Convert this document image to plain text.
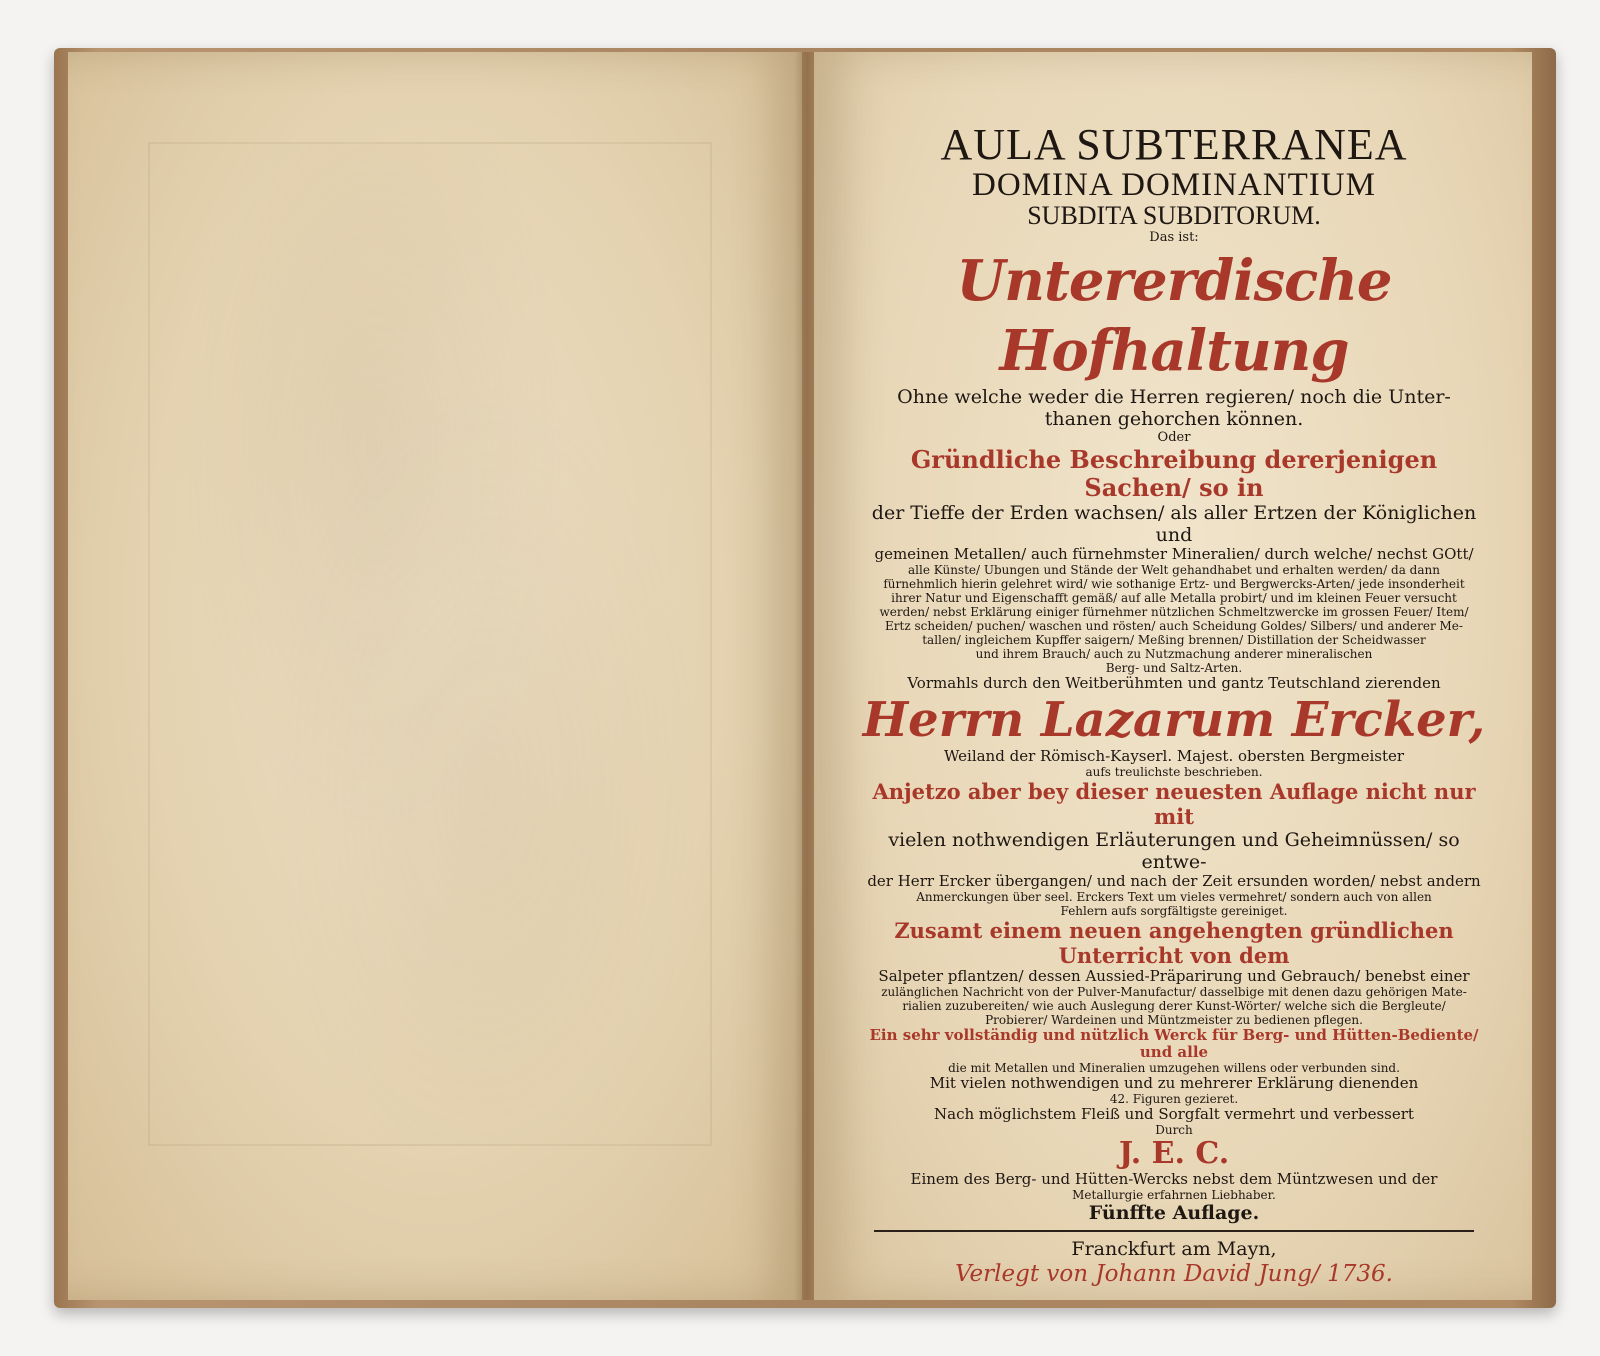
AULA SUBTERRANEA
DOMINA DOMINANTIUM
SUBDITA SUBDITORUM.
Das ist:
Untererdische Hofhaltung
Ohne welche weder die Herren regieren/ noch die Unter-
thanen gehorchen können.
Oder
Gründliche Beschreibung dererjenigen Sachen/ so in
der Tieffe der Erden wachsen/ als aller Ertzen der Königlichen und
gemeinen Metallen/ auch fürnehmster Mineralien/ durch welche/ nechst GOtt/
alle Künste/ Ubungen und Stände der Welt gehandhabet und erhalten werden/ da dann
fürnehmlich hierin gelehret wird/ wie sothanige Ertz- und Bergwercks-Arten/ jede insonderheit
ihrer Natur und Eigenschafft gemäß/ auf alle Metalla probirt/ und im kleinen Feuer versucht
werden/ nebst Erklärung einiger fürnehmer nützlichen Schmeltzwercke im grossen Feuer/ Item/
Ertz scheiden/ puchen/ waschen und rösten/ auch Scheidung Goldes/ Silbers/ und anderer Me-
tallen/ ingleichem Kupffer saigern/ Meßing brennen/ Distillation der Scheidwasser
und ihrem Brauch/ auch zu Nutzmachung anderer mineralischen
Berg- und Saltz-Arten.
Vormahls durch den Weitberühmten und gantz Teutschland zierenden
Herrn Lazarum Ercker,
Weiland der Römisch-Kayserl. Majest. obersten Bergmeister
aufs treulichste beschrieben.
Anjetzo aber bey dieser neuesten Auflage nicht nur mit
vielen nothwendigen Erläuterungen und Geheimnüssen/ so entwe-
der Herr Ercker übergangen/ und nach der Zeit ersunden worden/ nebst andern
Anmerckungen über seel. Erckers Text um vieles vermehret/ sondern auch von allen
Fehlern aufs sorgfältigste gereiniget.
Zusamt einem neuen angehengten gründlichen Unterricht von dem
Salpeter pflantzen/ dessen Aussied-Präparirung und Gebrauch/ benebst einer
zulänglichen Nachricht von der Pulver-Manufactur/ dasselbige mit denen dazu gehörigen Mate-
rialien zuzubereiten/ wie auch Auslegung derer Kunst-Wörter/ welche sich die Bergleute/
Probierer/ Wardeinen und Müntzmeister zu bedienen pflegen.
Ein sehr vollständig und nützlich Werck für Berg- und Hütten-Bediente/ und alle
die mit Metallen und Mineralien umzugehen willens oder verbunden sind.
Mit vielen nothwendigen und zu mehrerer Erklärung dienenden
42. Figuren gezieret.
Nach möglichstem Fleiß und Sorgfalt vermehrt und verbessert
Durch
J. E. C.
Einem des Berg- und Hütten-Wercks nebst dem Müntzwesen und der
Metallurgie erfahrnen Liebhaber.
Fünffte Auflage.
Franckfurt am Mayn,
Verlegt von Johann David Jung/ 1736.
